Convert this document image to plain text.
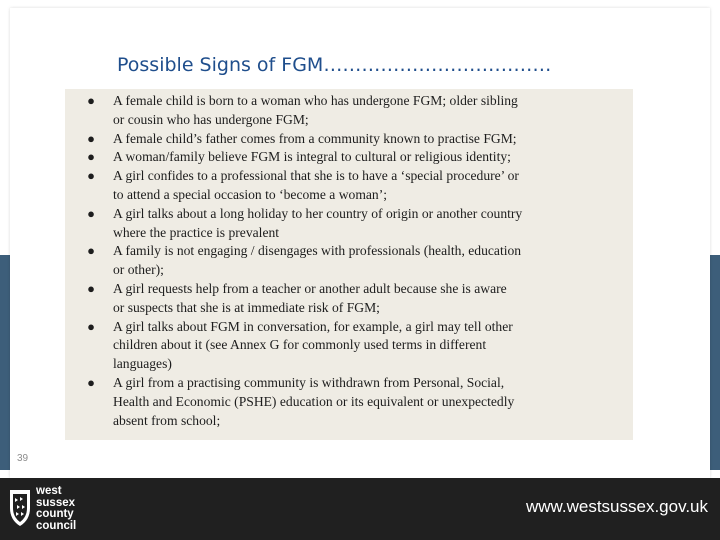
Possible Signs of FGM………………………………
● A female child is born to a woman who has undergone FGM; older sibling
or cousin who has undergone FGM;
● A female child’s father comes from a community known to practise FGM;
● A woman/family believe FGM is integral to cultural or religious identity;
● A girl confides to a professional that she is to have a ‘special procedure’ or
to attend a special occasion to ‘become a woman’;
● A girl talks about a long holiday to her country of origin or another country
where the practice is prevalent
● A family is not engaging / disengages with professionals (health, education
or other);
● A girl requests help from a teacher or another adult because she is aware
or suspects that she is at immediate risk of FGM;
● A girl talks about FGM in conversation, for example, a girl may tell other
children about it (see Annex G for commonly used terms in different
languages)
● A girl from a practising community is withdrawn from Personal, Social,
Health and Economic (PSHE) education or its equivalent or unexpectedly
absent from school;
39
west
sussex
county
council
www.westsussex.gov.uk
